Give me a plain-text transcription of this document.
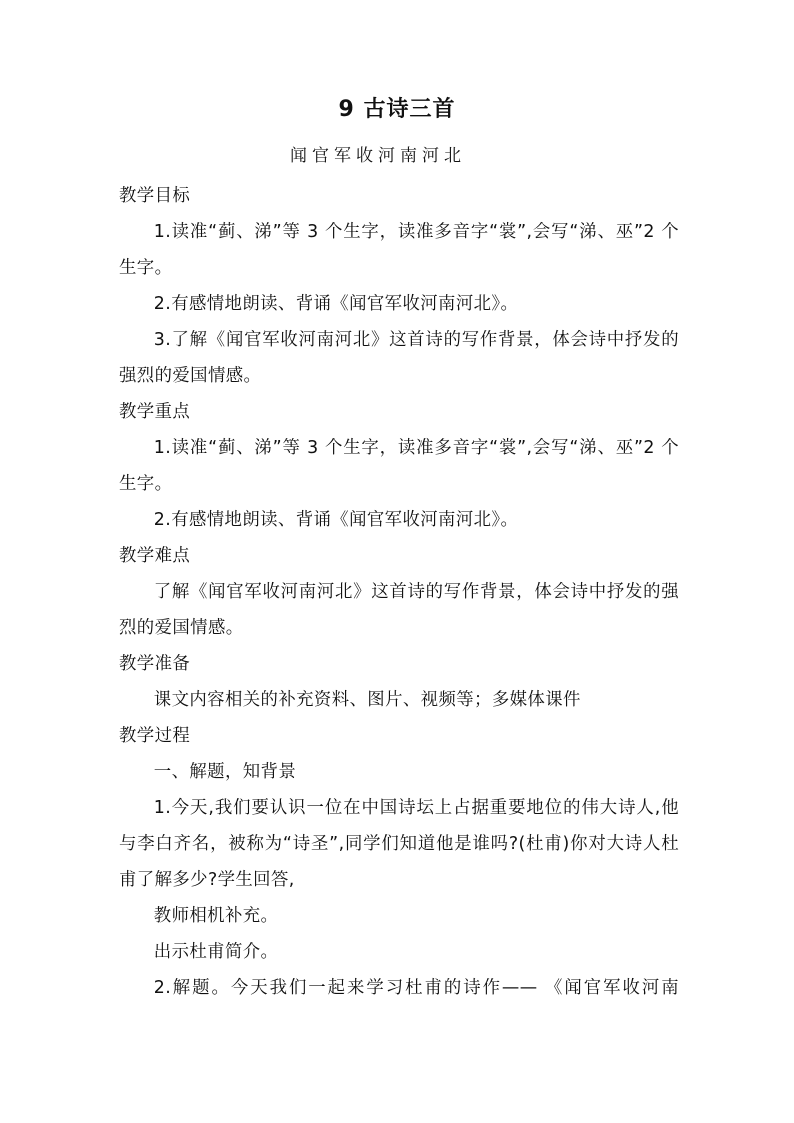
9 古诗三首
闻官军收河南河北

教学目标

1.读准“蓟、涕”等 3 个生字，读准多音字“裳”,会写“涕、巫”2 个生字。

2.有感情地朗读、背诵《闻官军收河南河北》。

3.了解《闻官军收河南河北》这首诗的写作背景，体会诗中抒发的强烈的爱国情感。

教学重点

1.读准“蓟、涕”等 3 个生字，读准多音字“裳”,会写“涕、巫”2 个生字。

2.有感情地朗读、背诵《闻官军收河南河北》。

教学难点

了解《闻官军收河南河北》这首诗的写作背景，体会诗中抒发的强烈的爱国情感。

教学准备

课文内容相关的补充资料、图片、视频等；多媒体课件

教学过程

一、解题，知背景

1.今天,我们要认识一位在中国诗坛上占据重要地位的伟大诗人,他与李白齐名，被称为“诗圣”,同学们知道他是谁吗?(杜甫)你对大诗人杜甫了解多少?学生回答,

教师相机补充。

出示杜甫简介。

2.解题。今天我们一起来学习杜甫的诗作—— 《闻官军收河南
